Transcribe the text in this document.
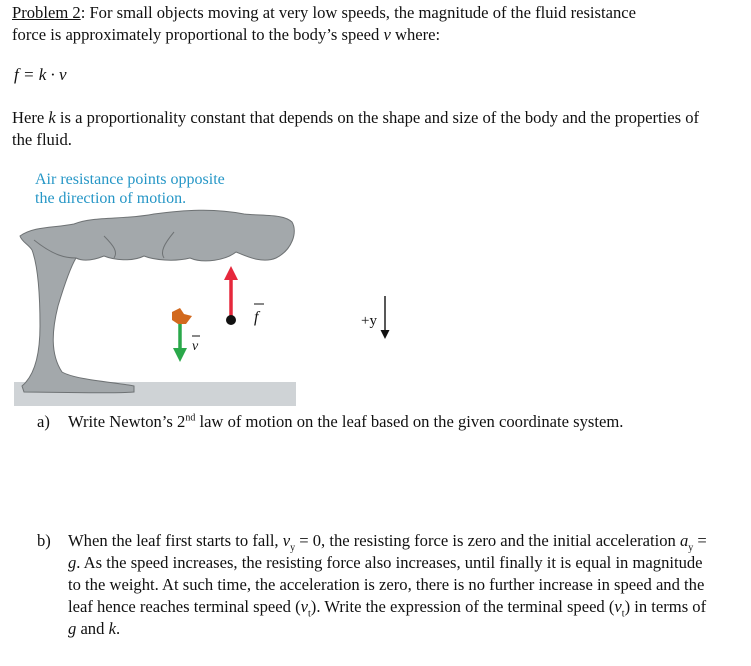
Problem 2: For small objects moving at very low speeds, the magnitude of the fluid resistance
force is approximately proportional to the body’s speed v where:

f = k · v

Here k is a proportionality constant that depends on the shape and size of the body and the properties of the fluid.

Air resistance points opposite
the direction of motion.
f
v
+y

a) Write Newton’s 2nd law of motion on the leaf based on the given coordinate system.

b) When the leaf first starts to fall, $v_y = 0$, the resisting force is zero and the initial acceleration $a_y = g$. As the speed increases, the resisting force also increases, until finally it is equal in magnitude to the weight. At such time, the acceleration is zero, there is no further increase in speed and the leaf hence reaches terminal speed $(v_t)$. Write the expression of the terminal speed $(v_t)$ in terms of g and k.
